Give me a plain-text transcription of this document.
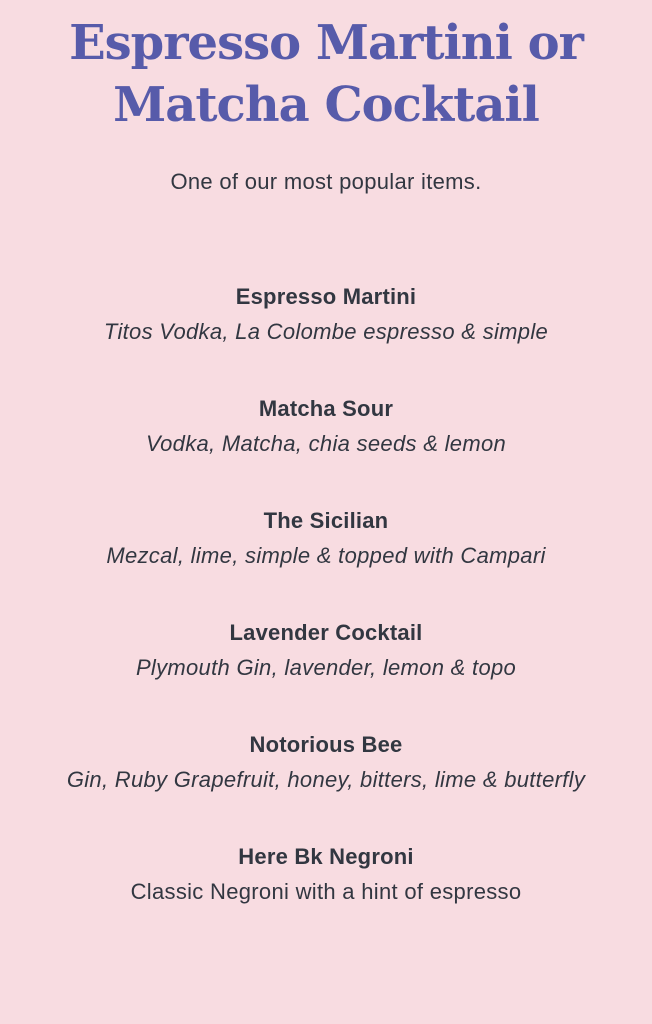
Espresso Martini or
Matcha Cocktail

One of our most popular items.

Espresso Martini
Titos Vodka, La Colombe espresso & simple
Matcha Sour
Vodka, Matcha, chia seeds & lemon
The Sicilian
Mezcal, lime, simple & topped with Campari
Lavender Cocktail
Plymouth Gin, lavender, lemon & topo
Notorious Bee
Gin, Ruby Grapefruit, honey, bitters, lime & butterfly
Here Bk Negroni
Classic Negroni with a hint of espresso
